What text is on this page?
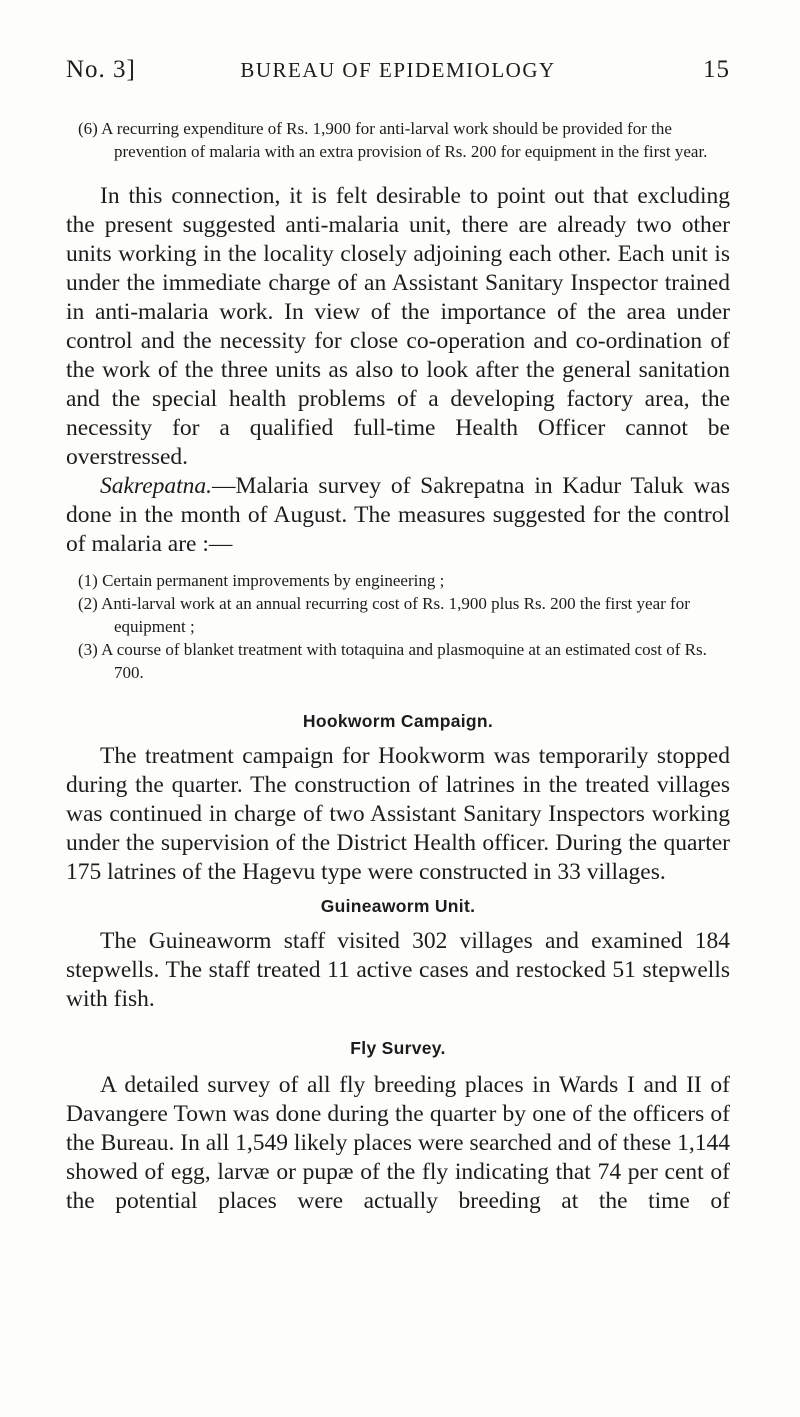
No. 3]	BUREAU OF EPIDEMIOLOGY	15
(6) A recurring expenditure of Rs. 1,900 for anti-larval work should be provided for the prevention of malaria with an extra provision of Rs. 200 for equipment in the first year.

In this connection, it is felt desirable to point out that excluding the present suggested anti-malaria unit, there are already two other units working in the locality closely adjoining each other. Each unit is under the immediate charge of an Assistant Sanitary Inspector trained in anti-malaria work. In view of the importance of the area under control and the necessity for close co-operation and co-ordination of the work of the three units as also to look after the general sanitation and the special health problems of a developing factory area, the necessity for a qualified full-time Health Officer cannot be overstressed.

Sakrepatna.—Malaria survey of Sakrepatna in Kadur Taluk was done in the month of August. The measures suggested for the control of malaria are :—

(1) Certain permanent improvements by engineering ;
(2) Anti-larval work at an annual recurring cost of Rs. 1,900 plus Rs. 200 the first year for equipment ;
(3) A course of blanket treatment with totaquina and plasmoquine at an estimated cost of Rs. 700.
Hookworm Campaign.

The treatment campaign for Hookworm was temporarily stopped during the quarter. The construction of latrines in the treated villages was continued in charge of two Assistant Sanitary Inspectors working under the supervision of the District Health officer. During the quarter 175 latrines of the Hagevu type were constructed in 33 villages.

Guineaworm Unit.

The Guineaworm staff visited 302 villages and examined 184 stepwells. The staff treated 11 active cases and restocked 51 stepwells with fish.

Fly Survey.

A detailed survey of all fly breeding places in Wards I and II of Davangere Town was done during the quarter by one of the officers of the Bureau. In all 1,549 likely places were searched and of these 1,144 showed of egg, larvæ or pupæ of the fly indicating that 74 per cent of the potential places were actually breeding at the time of
